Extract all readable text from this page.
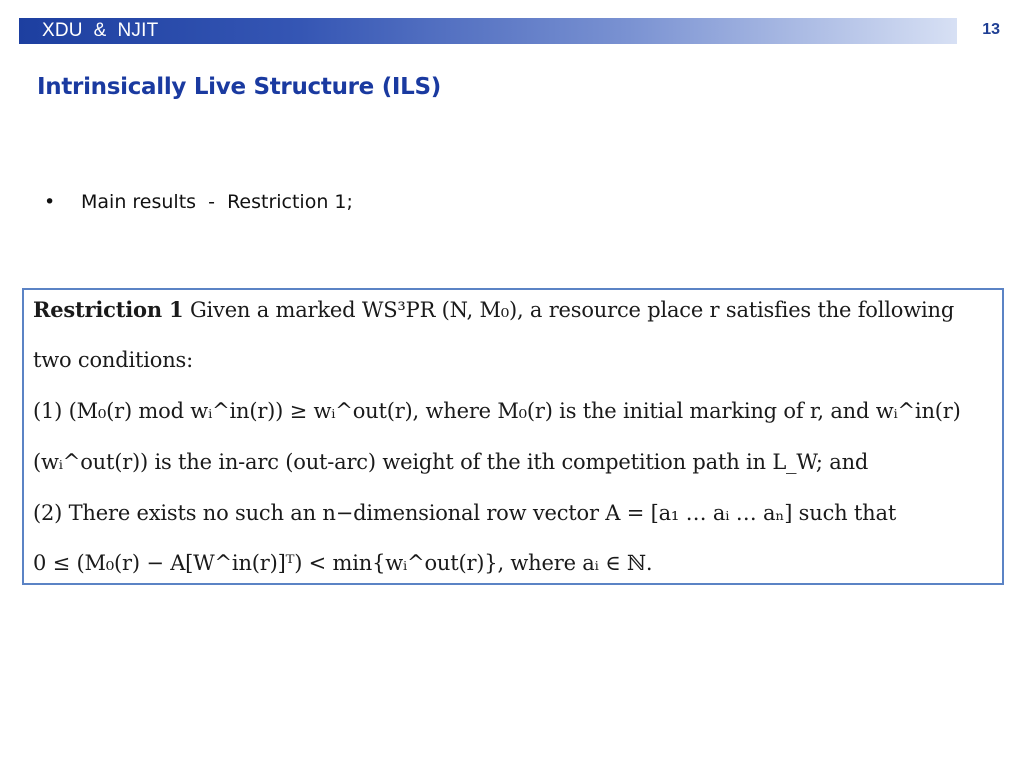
XDU  &  NJIT	13
Intrinsically Live Structure (ILS)
• Main results  -  Restriction 1;
Restriction 1 Given a marked WS³PR (N, M₀), a resource place r satisfies the following
two conditions:
(1) (M₀(r) mod wᵢ^in(r)) ≥ wᵢ^out(r), where M₀(r) is the initial marking of r, and wᵢ^in(r)
(wᵢ^out(r)) is the in-arc (out-arc) weight of the ith competition path in L_W; and
(2) There exists no such an n−dimensional row vector A = [a₁ … aᵢ … aₙ] such that
0 ≤ (M₀(r) − A[W^in(r)]ᵀ) < min{wᵢ^out(r)}, where aᵢ ∈ ℕ.
